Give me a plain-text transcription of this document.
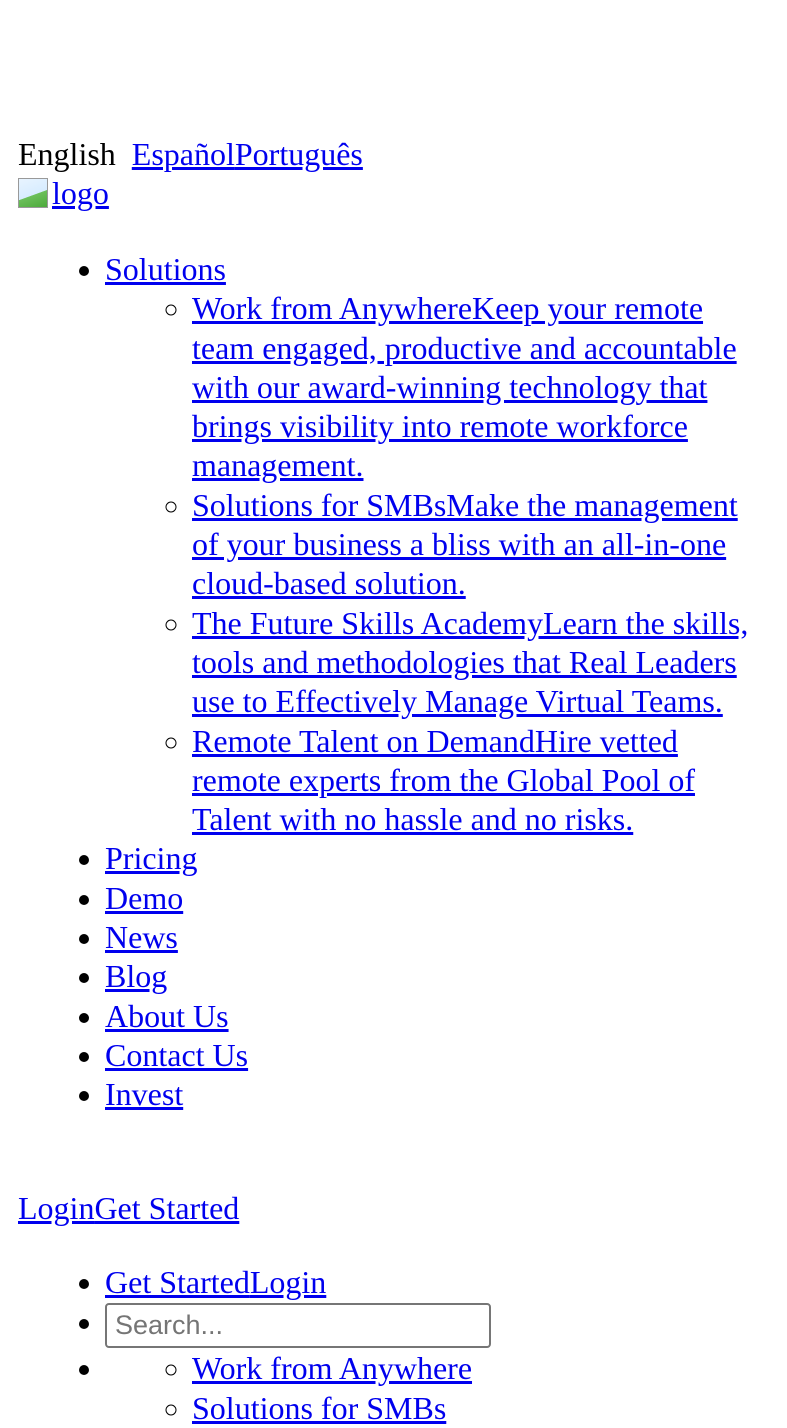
English EspañolPortuguês
logo
• Solutions
◦ Work from AnywhereKeep your remote team engaged, productive and accountable with our award-winning technology that brings visibility into remote workforce management.
◦ Solutions for SMBsMake the management of your business a bliss with an all-in-one cloud-based solution.
◦ The Future Skills AcademyLearn the skills, tools and methodologies that Real Leaders use to Effectively Manage Virtual Teams.
◦ Remote Talent on DemandHire vetted remote experts from the Global Pool of Talent with no hassle and no risks.
• Pricing
• Demo
• News
• Blog
• About Us
• Contact Us
• Invest
LoginGet Started
• Get StartedLogin
• Search...
◦ • Work from Anywhere
◦ Solutions for SMBs
